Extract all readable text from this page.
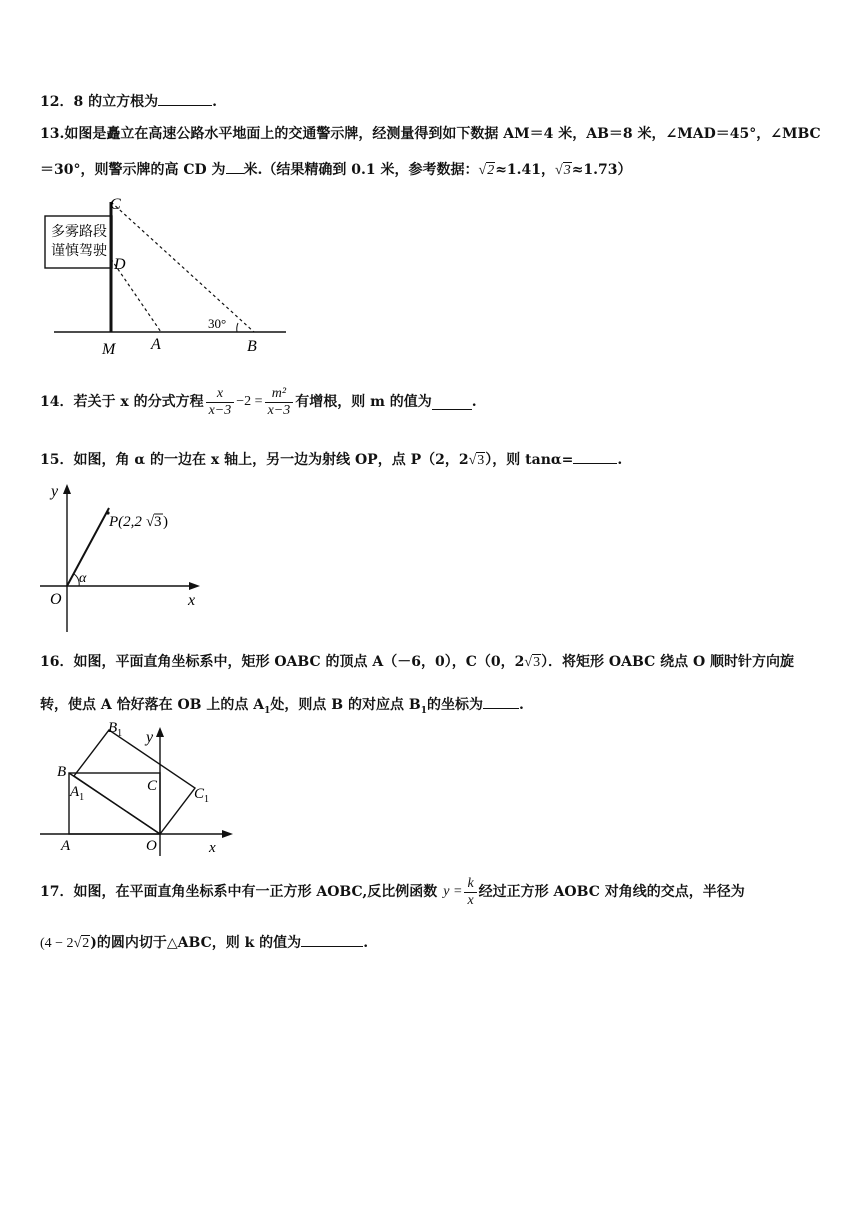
12．8 的立方根为	.
13.如图是矗立在高速公路水平地面上的交通警示牌，经测量得到如下数据 AM＝4 米，AB＝8 米，∠MAD＝45°，∠MBC
＝30°，则警示牌的高 CD 为 米.（结果精确到 0.1 米，参考数据：√2≈1.41，√3≈1.73）
多雾路段
谨慎驾驶
C
D
M A	B
30°
14． 若关于 x 的分式方程 $\frac{x}{x-3} -2 = \frac{\text{m²}}{x-3}$ 有增根，则 m 的值为	.
15．如图，角 α 的一边在 x 轴上，另一边为射线 OP，点 P（2，2√3），则 tanα=	.
y
x
O
α
P(2,2 √ 3 )
16．如图，平面直角坐标系中，矩形 OABC 的顶点 A（－6，0），C（0，2√3）．将矩形 OABC 绕点 O 顺时针方向旋
转，使点 A 恰好落在 OB 上的点 $A_1$处，则点 B 的对应点 $B_1$的坐标为	.
$B_1$ y
B
C $C_1$
$A_1$
A	O	x
17． 如图，在平面直角坐标系中有一正方形 AOBC,反比例函数 $y = \frac{k}{x}$ 经过正方形 AOBC 对角线的交点，半径为
(4 − 2√2)的圆内切于△ABC，则 k 的值为	.
